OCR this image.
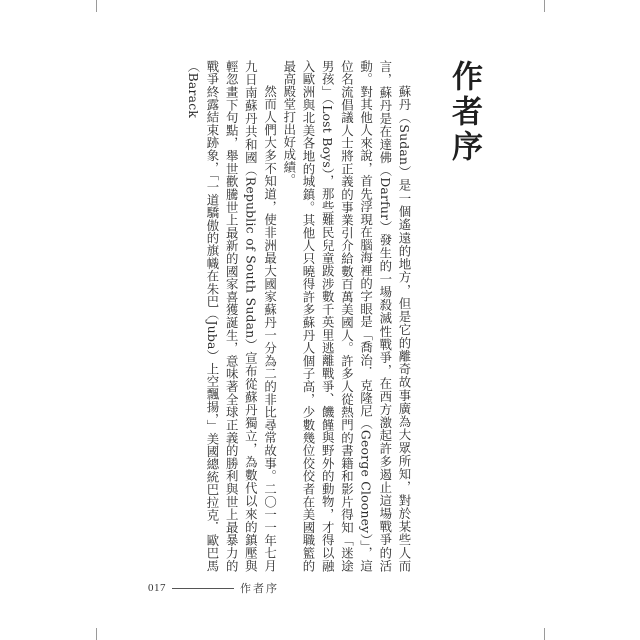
作者序

蘇丹（Sudan）是一個遙遠的地方，但是它的離奇故事廣為大眾所知，對於某些人而言，蘇丹是在達佛（Darfur）發生的一場殺滅性戰爭，在西方激起許多遏止這場戰爭的活動。對其他人來說，首先浮現在腦海裡的字眼是「喬治．克隆尼（George Clooney）」，這位名流倡議人士將正義的事業引介給數百萬美國人。許多人從熱門的書籍和影片得知「迷途男孩」（Lost Boys），那些難民兒童跋涉數千英里逃離戰爭、饑饉與野外的動物，才得以融入歐洲與北美各地的城鎮。其他人只曉得許多蘇丹人個子高，少數幾位佼佼者在美國職籃的最高殿堂打出好成績。

然而人們大多不知道，使非洲最大國家蘇丹一分為二的非比尋常故事。二〇一一年七月九日南蘇丹共和國（Republic of South Sudan）宣布從蘇丹獨立，為數代以來的鎮壓與輕忽畫下句點，舉世歡騰世上最新的國家喜獲誕生，意味著全球正義的勝利與世上最暴力的戰爭終露結束跡象，「一道驕傲的旗幟在朱巴（Juba）上空飄揚，」美國總統巴拉克．歐巴馬（Barack

017	作者序
